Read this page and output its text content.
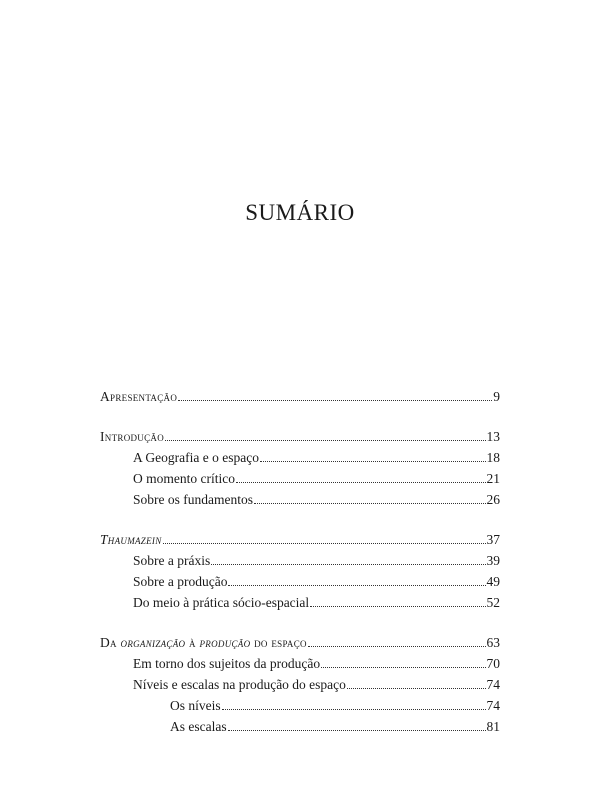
SUMÁRIO
Apresentação	9
Introdução	13
A Geografia e o espaço	18
O momento crítico	21
Sobre os fundamentos	26
Thaumazein	37
Sobre a práxis	39
Sobre a produção	49
Do meio à prática sócio-espacial	52
Da organização à produção do espaço	63
Em torno dos sujeitos da produção	70
Níveis e escalas na produção do espaço	74
Os níveis	74
As escalas	81
